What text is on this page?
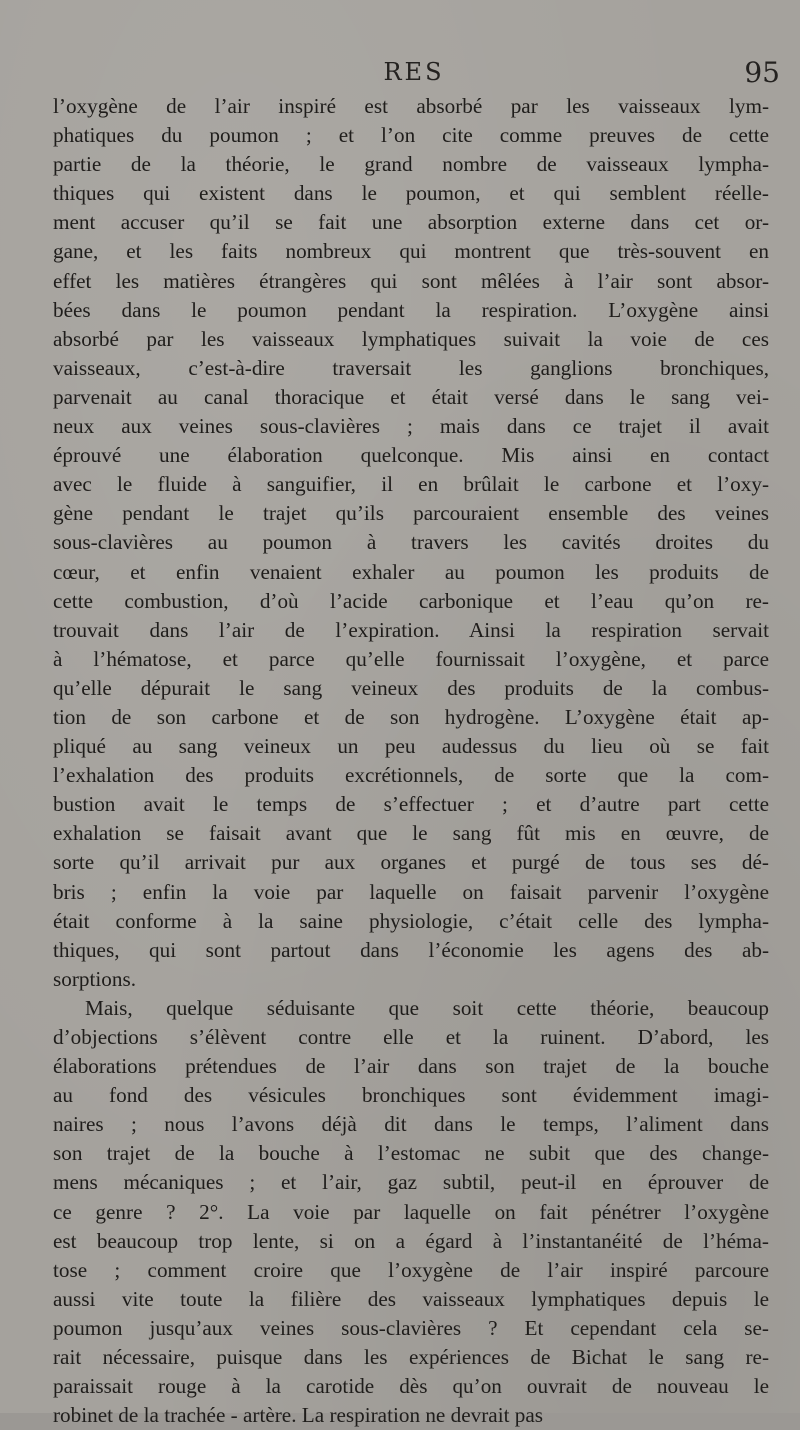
RES	95
l’oxygène de l’air inspiré est absorbé par les vaisseaux lym-
phatiques du poumon ; et l’on cite comme preuves de cette
partie de la théorie, le grand nombre de vaisseaux lympha-
thiques qui existent dans le poumon, et qui semblent réelle-
ment accuser qu’il se fait une absorption externe dans cet or-
gane, et les faits nombreux qui montrent que très-souvent en
effet les matières étrangères qui sont mêlées à l’air sont absor-
bées dans le poumon pendant la respiration. L’oxygène ainsi
absorbé par les vaisseaux lymphatiques suivait la voie de ces
vaisseaux, c’est-à-dire traversait les ganglions bronchiques,
parvenait au canal thoracique et était versé dans le sang vei-
neux aux veines sous-clavières ; mais dans ce trajet il avait
éprouvé une élaboration quelconque. Mis ainsi en contact
avec le fluide à sanguifier, il en brûlait le carbone et l’oxy-
gène pendant le trajet qu’ils parcouraient ensemble des veines
sous-clavières au poumon à travers les cavités droites du
cœur, et enfin venaient exhaler au poumon les produits de
cette combustion, d’où l’acide carbonique et l’eau qu’on re-
trouvait dans l’air de l’expiration. Ainsi la respiration servait
à l’hématose, et parce qu’elle fournissait l’oxygène, et parce
qu’elle dépurait le sang veineux des produits de la combus-
tion de son carbone et de son hydrogène. L’oxygène était ap-
pliqué au sang veineux un peu audessus du lieu où se fait
l’exhalation des produits excrétionnels, de sorte que la com-
bustion avait le temps de s’effectuer ; et d’autre part cette
exhalation se faisait avant que le sang fût mis en œuvre, de
sorte qu’il arrivait pur aux organes et purgé de tous ses dé-
bris ; enfin la voie par laquelle on faisait parvenir l’oxygène
était conforme à la saine physiologie, c’était celle des lympha-
thiques, qui sont partout dans l’économie les agens des ab-
sorptions.
Mais, quelque séduisante que soit cette théorie, beaucoup
d’objections s’élèvent contre elle et la ruinent. D’abord, les
élaborations prétendues de l’air dans son trajet de la bouche
au fond des vésicules bronchiques sont évidemment imagi-
naires ; nous l’avons déjà dit dans le temps, l’aliment dans
son trajet de la bouche à l’estomac ne subit que des change-
mens mécaniques ; et l’air, gaz subtil, peut-il en éprouver de
ce genre ? 2°. La voie par laquelle on fait pénétrer l’oxygène
est beaucoup trop lente, si on a égard à l’instantanéité de l’héma-
tose ; comment croire que l’oxygène de l’air inspiré parcoure
aussi vite toute la filière des vaisseaux lymphatiques depuis le
poumon jusqu’aux veines sous-clavières ? Et cependant cela se-
rait nécessaire, puisque dans les expériences de Bichat le sang re-
paraissait rouge à la carotide dès qu’on ouvrait de nouveau le
robinet de la trachée - artère. La respiration ne devrait pas
